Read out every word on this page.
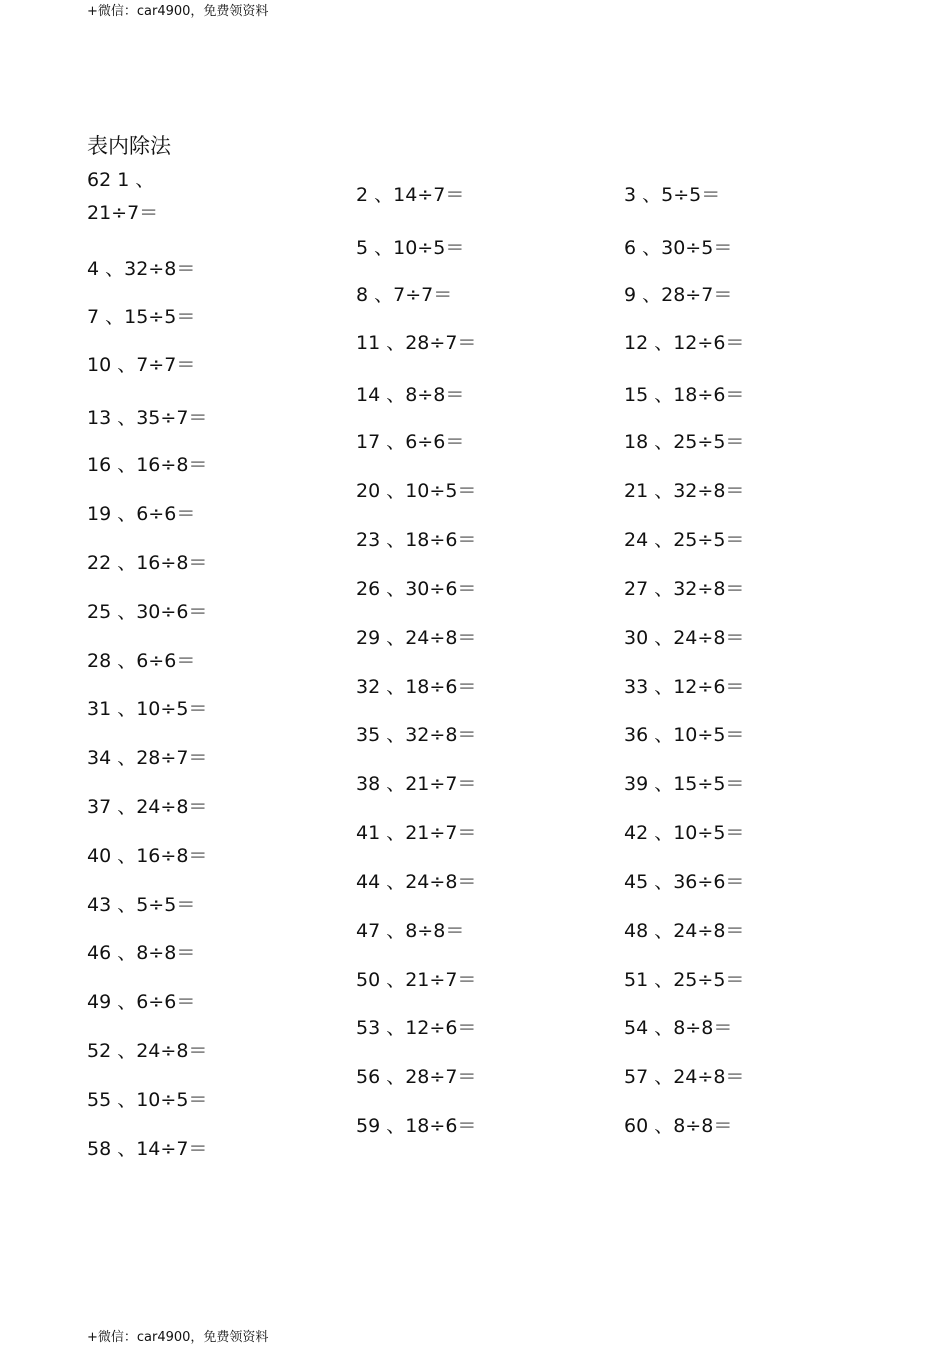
+微信：car4900，免费领资料
表内除法
62 1 、
21÷7＝
2 、14÷7＝	3 、5÷5＝
4 、32÷8＝
5 、10÷5＝	6 、30÷5＝
7 、15÷5＝
8 、7÷7＝	9 、28÷7＝
10 、7÷7＝
11 、28÷7＝	12 、12÷6＝
13 、35÷7＝
14 、8÷8＝	15 、18÷6＝
16 、16÷8＝
17 、6÷6＝	18 、25÷5＝
19 、6÷6＝
20 、10÷5＝	21 、32÷8＝
22 、16÷8＝
23 、18÷6＝	24 、25÷5＝
25 、30÷6＝
26 、30÷6＝	27 、32÷8＝
28 、6÷6＝
29 、24÷8＝	30 、24÷8＝
31 、10÷5＝
32 、18÷6＝	33 、12÷6＝
34 、28÷7＝
35 、32÷8＝	36 、10÷5＝
37 、24÷8＝
38 、21÷7＝	39 、15÷5＝
40 、16÷8＝
41 、21÷7＝	42 、10÷5＝
43 、5÷5＝
44 、24÷8＝	45 、36÷6＝
46 、8÷8＝
47 、8÷8＝	48 、24÷8＝
49 、6÷6＝
50 、21÷7＝	51 、25÷5＝
52 、24÷8＝
53 、12÷6＝	54 、8÷8＝
55 、10÷5＝
56 、28÷7＝	57 、24÷8＝
58 、14÷7＝
59 、18÷6＝	60 、8÷8＝
+微信：car4900，免费领资料
